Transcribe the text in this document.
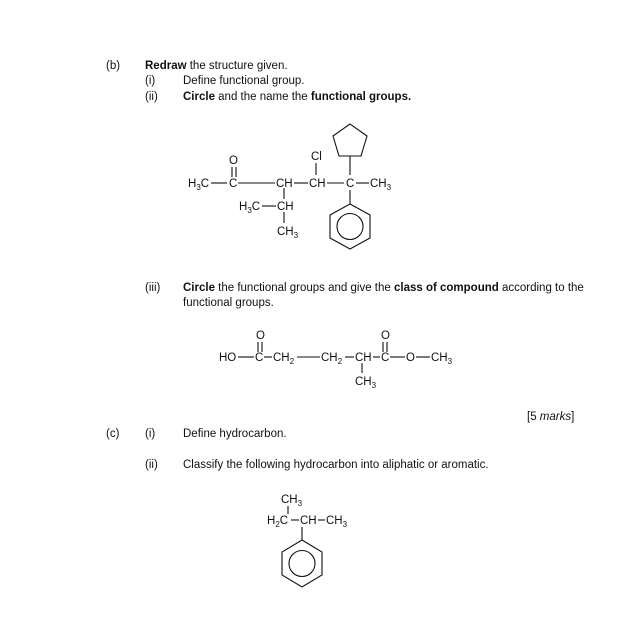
(b) Redraw the structure given.
(i) Define functional group.
(ii) Circle and the name the functional groups.
(iii) Circle the functional groups and give the class of compound according to the
functional groups.
[5 marks]
(c) (i) Define hydrocarbon.
(ii) Classify the following hydrocarbon into aliphatic or aromatic.
O
$H_3C$ C	CH CH
Cl
C $CH_3$
$H_3C$ CH
$CH_3$
O
HO C $CH_2$ $CH_2$ CH
$CH_3$
O
C O $CH_3$
$CH_3$
$H_2C$ CH $CH_3$
